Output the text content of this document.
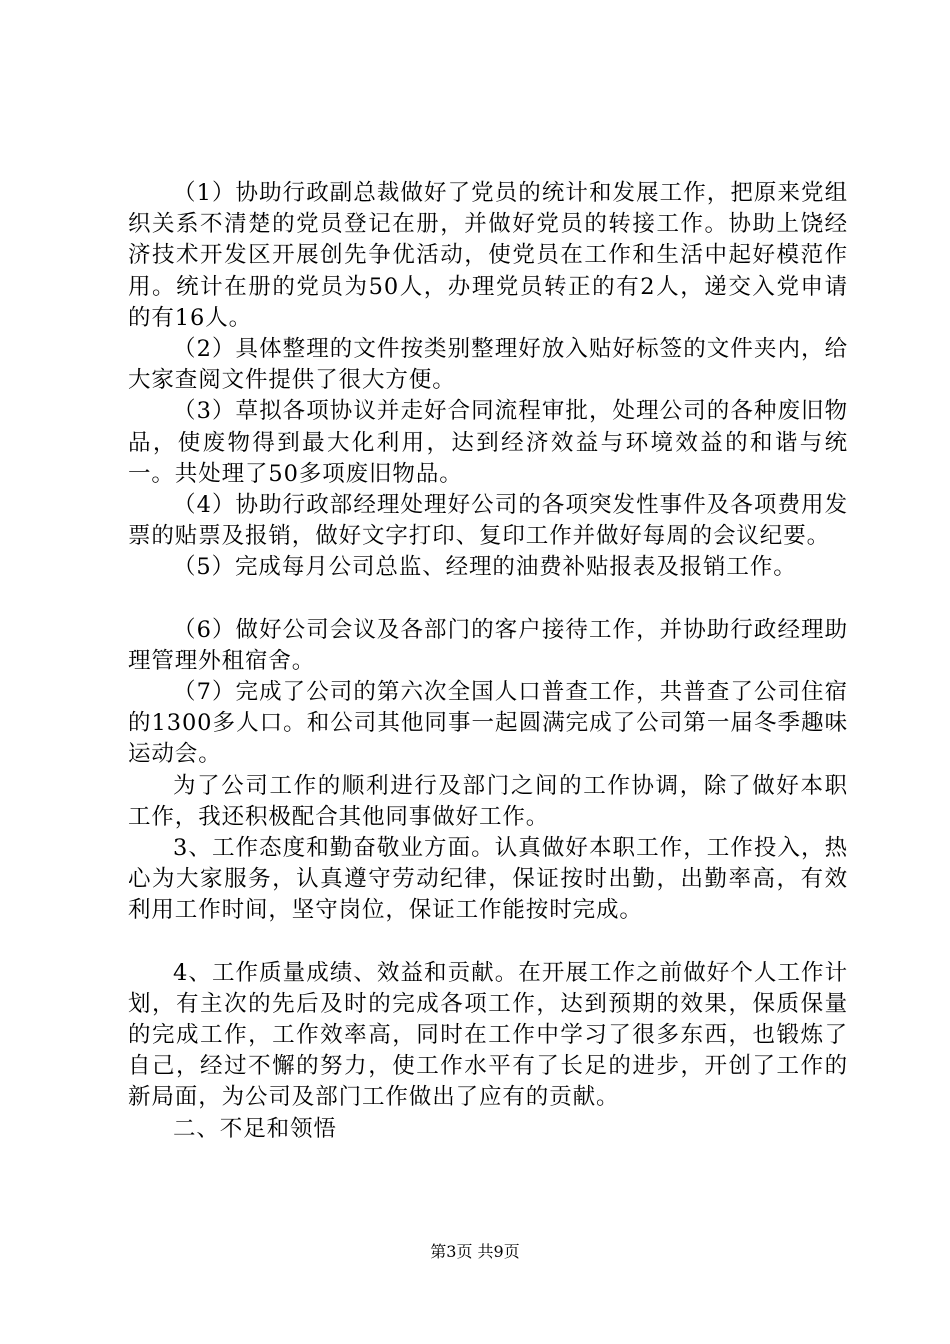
（1）协助行政副总裁做好了党员的统计和发展工作，把原来党组织关系不清楚的党员登记在册，并做好党员的转接工作。协助上饶经济技术开发区开展创先争优活动，使党员在工作和生活中起好模范作用。统计在册的党员为50人，办理党员转正的有2人，递交入党申请的有16人。

（2）具体整理的文件按类别整理好放入贴好标签的文件夹内，给大家查阅文件提供了很大方便。

（3）草拟各项协议并走好合同流程审批，处理公司的各种废旧物品，使废物得到最大化利用，达到经济效益与环境效益的和谐与统一。共处理了50多项废旧物品。

（4）协助行政部经理处理好公司的各项突发性事件及各项费用发票的贴票及报销，做好文字打印、复印工作并做好每周的会议纪要。

（5）完成每月公司总监、经理的油费补贴报表及报销工作。

（6）做好公司会议及各部门的客户接待工作，并协助行政经理助理管理外租宿舍。

（7）完成了公司的第六次全国人口普查工作，共普查了公司住宿的1300多人口。和公司其他同事一起圆满完成了公司第一届冬季趣味运动会。

为了公司工作的顺利进行及部门之间的工作协调，除了做好本职工作，我还积极配合其他同事做好工作。

3、工作态度和勤奋敬业方面。认真做好本职工作，工作投入，热心为大家服务，认真遵守劳动纪律，保证按时出勤，出勤率高，有效利用工作时间，坚守岗位，保证工作能按时完成。

4、工作质量成绩、效益和贡献。在开展工作之前做好个人工作计划，有主次的先后及时的完成各项工作，达到预期的效果，保质保量的完成工作，工作效率高，同时在工作中学习了很多东西，也锻炼了自己，经过不懈的努力，使工作水平有了长足的进步，开创了工作的新局面，为公司及部门工作做出了应有的贡献。

二、不足和领悟

第3页 共9页
